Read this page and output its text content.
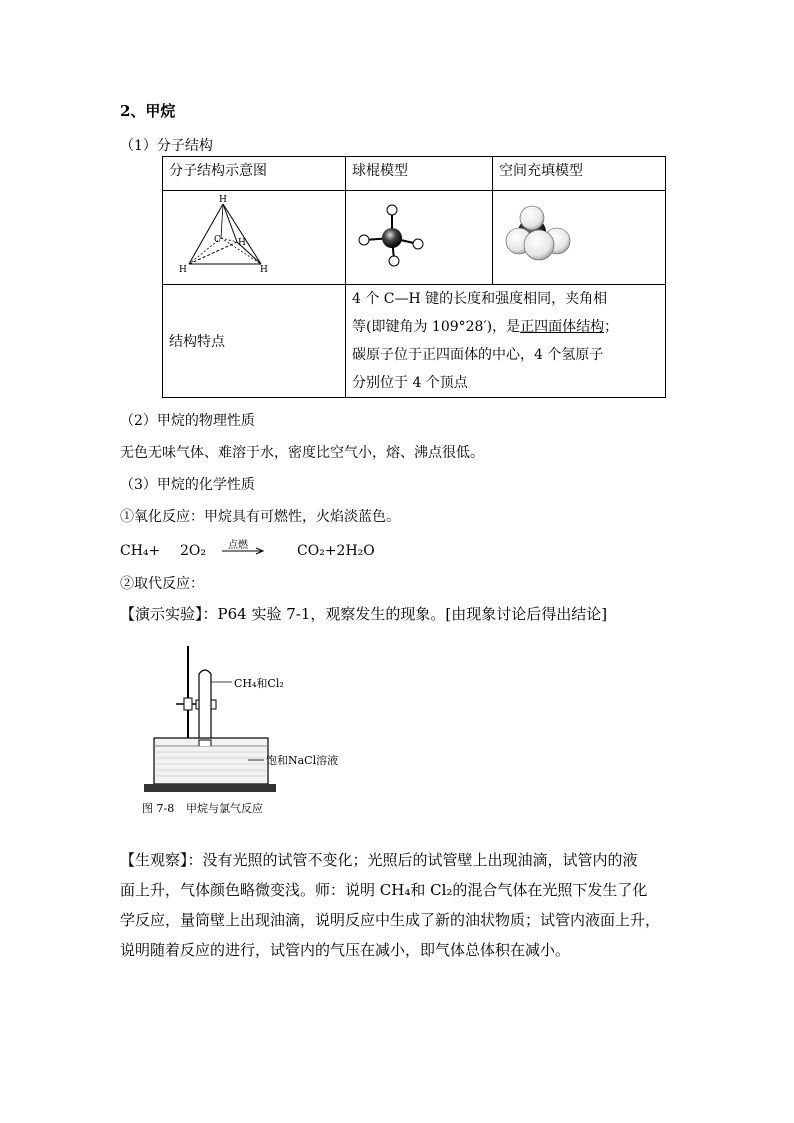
2、甲烷
（1）分子结构
分子结构示意图	球棍模型	空间充填模型

H
C H
H H

结构特点	4 个 C—H 键的长度和强度相同，夹角相
等(即键角为 109°28′)，是正四面体结构；
碳原子位于正四面体的中心，4 个氢原子
分别位于 4 个顶点	
（2）甲烷的物理性质
无色无味气体、难溶于水，密度比空气小，熔、沸点很低。
（3）甲烷的化学性质
①氧化反应：甲烷具有可燃性，火焰淡蓝色。
CH₄+ 2O₂ 点燃	CO₂+2H₂O
②取代反应：
【演示实验】：P64 实验 7-1，观察发生的现象。[由现象讨论后得出结论]
CH₄和Cl₂
饱和NaCl溶液
图 7-8 甲烷与氯气反应
【生观察】：没有光照的试管不变化；光照后的试管壁上出现油滴，试管内的液
面上升，气体颜色略微变浅。师：说明 CH₄和 Cl₂的混合气体在光照下发生了化
学反应，量筒壁上出现油滴，说明反应中生成了新的油状物质；试管内液面上升，
说明随着反应的进行，试管内的气压在减小，即气体总体积在减小。
